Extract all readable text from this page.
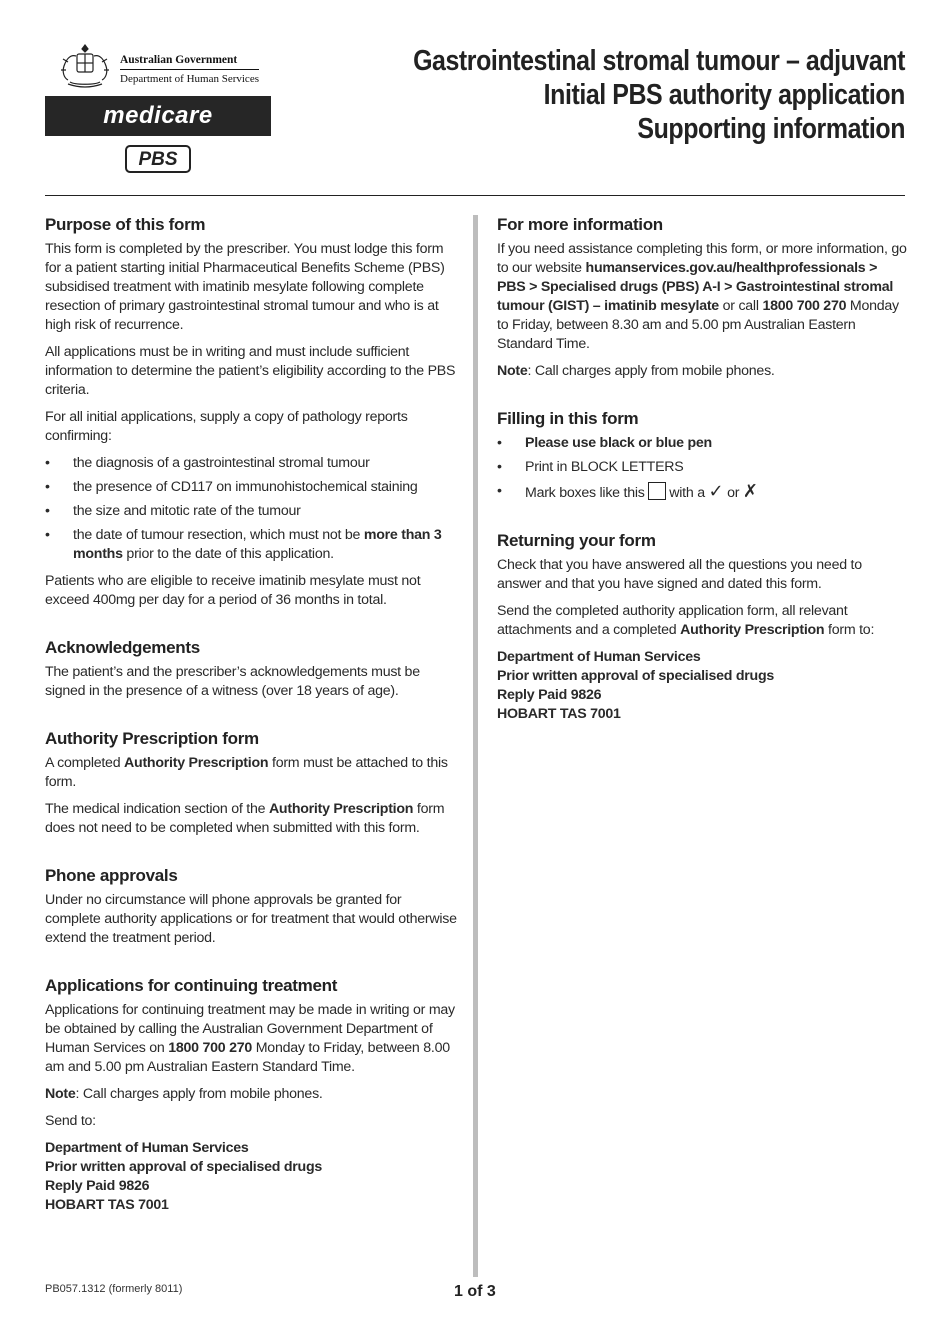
Australian Government
Department of Human Services
medicare
PBS
Gastrointestinal stromal tumour – adjuvant
Initial PBS authority application
Supporting information
Purpose of this form

This form is completed by the prescriber. You must lodge this form for a patient starting initial Pharmaceutical Benefits Scheme (PBS) subsidised treatment with imatinib mesylate following complete resection of primary gastrointestinal stromal tumour and who is at high risk of recurrence.

All applications must be in writing and must include sufficient information to determine the patient’s eligibility according to the PBS criteria.

For all initial applications, supply a copy of pathology reports confirming:

• the diagnosis of a gastrointestinal stromal tumour
• the presence of CD117 on immunohistochemical staining
• the size and mitotic rate of the tumour
• the date of tumour resection, which must not be more than 3 months prior to the date of this application.

Patients who are eligible to receive imatinib mesylate must not exceed 400mg per day for a period of 36 months in total.

Acknowledgements

The patient’s and the prescriber’s acknowledgements must be signed in the presence of a witness (over 18 years of age).

Authority Prescription form

A completed Authority Prescription form must be attached to this form.

The medical indication section of the Authority Prescription form does not need to be completed when submitted with this form.

Phone approvals

Under no circumstance will phone approvals be granted for complete authority applications or for treatment that would otherwise extend the treatment period.

Applications for continuing treatment

Applications for continuing treatment may be made in writing or may be obtained by calling the Australian Government Department of Human Services on 1800 700 270 Monday to Friday, between 8.00 am and 5.00 pm Australian Eastern Standard Time.

Note: Call charges apply from mobile phones.

Send to:

Department of Human Services
Prior written approval of specialised drugs
Reply Paid 9826
HOBART TAS 7001
For more information

If you need assistance completing this form, or more information, go to our website humanservices.gov.au/healthprofessionals > PBS > Specialised drugs (PBS) A-I > Gastrointestinal stromal tumour (GIST) – imatinib mesylate or call 1800 700 270 Monday to Friday, between 8.30 am and 5.00 pm Australian Eastern Standard Time.

Note: Call charges apply from mobile phones.

Filling in this form
• Please use black or blue pen
• Print in BLOCK LETTERS
• Mark boxes like this with a ✓ or ✗
Returning your form

Check that you have answered all the questions you need to answer and that you have signed and dated this form.

Send the completed authority application form, all relevant attachments and a completed Authority Prescription form to:

Department of Human Services
Prior written approval of specialised drugs
Reply Paid 9826
HOBART TAS 7001
PB057.1312 (formerly 8011)	1 of 3
